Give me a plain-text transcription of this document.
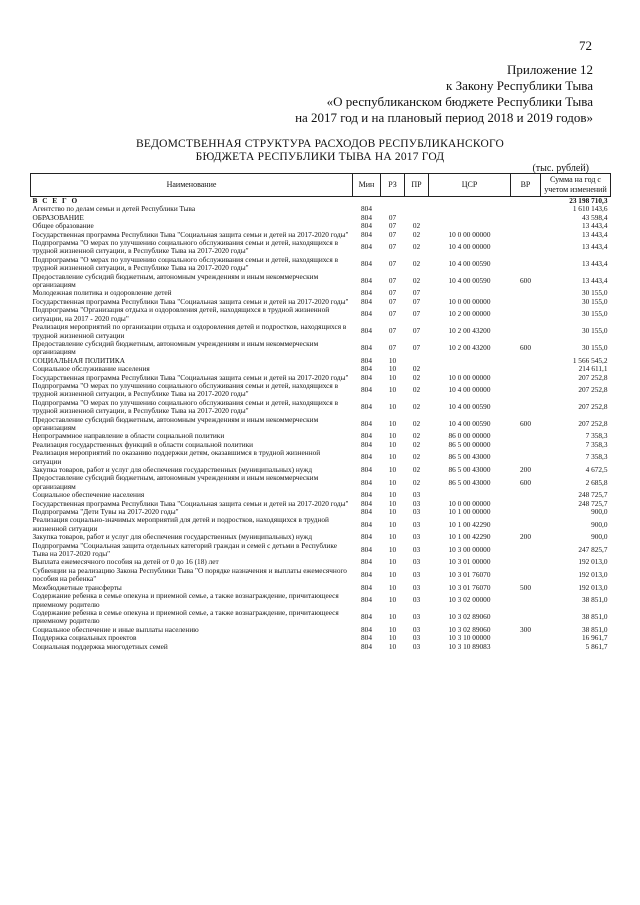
72
Приложение 12
к Закону Республики Тыва
«О республиканском бюджете Республики Тыва
на 2017 год и на плановый период 2018 и 2019 годов»
ВЕДОМСТВЕННАЯ СТРУКТУРА РАСХОДОВ РЕСПУБЛИКАНСКОГО
БЮДЖЕТА РЕСПУБЛИКИ ТЫВА НА 2017 ГОД
(тыс. рублей)
Наименование	Мин	РЗ	ПР	ЦСР	ВР	Сумма на год с учетом изменений
В С Е Г О						23 198 710,3
Агентство по делам семьи и детей Республики Тыва	804					1 610 143,6
ОБРАЗОВАНИЕ	804	07				43 598,4
Общее образование	804	07	02			13 443,4
Государственная программа Республики Тыва "Социальная защита семьи и детей на 2017-2020 годы"	804	07	02	10 0 00 00000		13 443,4
Подпрограмма "О мерах по улучшению социального обслуживания семьи и детей, находящихся в трудной жизненной ситуации, в Республике Тыва на 2017-2020 годы"	804	07	02	10 4 00 00000		13 443,4
Подпрограмма "О мерах по улучшению социального обслуживания семьи и детей, находящихся в трудной жизненной ситуации, в Республике Тыва на 2017-2020 годы"	804	07	02	10 4 00 00590		13 443,4
Предоставление субсидий бюджетным, автономным учреждениям и иным некоммерческим организациям	804	07	02	10 4 00 00590	600	13 443,4
Молодежная политика и оздоровление детей	804	07	07			30 155,0
Государственная программа Республики Тыва "Социальная защита семьи и детей на 2017-2020 годы"	804	07	07	10 0 00 00000		30 155,0
Подпрограмма "Организация отдыха и оздоровления детей, находящихся в трудной жизненной ситуации, на 2017 - 2020 годы"	804	07	07	10 2 00 00000		30 155,0
Реализация мероприятий по организации отдыха и оздоровления детей и подростков, находящихся в трудной жизненной ситуации	804	07	07	10 2 00 43200		30 155,0
Предоставление субсидий бюджетным, автономным учреждениям и иным некоммерческим организациям	804	07	07	10 2 00 43200	600	30 155,0
СОЦИАЛЬНАЯ ПОЛИТИКА	804	10				1 566 545,2
Социальное обслуживание населения	804	10	02			214 611,1
Государственная программа Республики Тыва "Социальная защита семьи и детей на 2017-2020 годы"	804	10	02	10 0 00 00000		207 252,8
Подпрограмма "О мерах по улучшению социального обслуживания семьи и детей, находящихся в трудной жизненной ситуации, в Республике Тыва на 2017-2020 годы"	804	10	02	10 4 00 00000		207 252,8
Подпрограмма "О мерах по улучшению социального обслуживания семьи и детей, находящихся в трудной жизненной ситуации, в Республике Тыва на 2017-2020 годы"	804	10	02	10 4 00 00590		207 252,8
Предоставление субсидий бюджетным, автономным учреждениям и иным некоммерческим организациям	804	10	02	10 4 00 00590	600	207 252,8
Непрограммное направление в области социальной политики	804	10	02	86 0 00 00000		7 358,3
Реализация государственных функций в области социальной политики	804	10	02	86 5 00 00000		7 358,3
Реализация мероприятий по оказанию поддержки детям, оказавшимся в трудной жизненной ситуации	804	10	02	86 5 00 43000		7 358,3
Закупка товаров, работ и услуг для обеспечения государственных (муниципальных) нужд	804	10	02	86 5 00 43000	200	4 672,5
Предоставление субсидий бюджетным, автономным учреждениям и иным некоммерческим организациям	804	10	02	86 5 00 43000	600	2 685,8
Социальное обеспечение населения	804	10	03			248 725,7
Государственная программа Республики Тыва "Социальная защита семьи и детей на 2017-2020 годы"	804	10	03	10 0 00 00000		248 725,7
Подпрограмма "Дети Тувы на 2017-2020 годы"	804	10	03	10 1 00 00000		900,0
Реализация социально-значимых мероприятий для детей и подростков, находящихся в трудной жизненной ситуации	804	10	03	10 1 00 42290		900,0
Закупка товаров, работ и услуг для обеспечения государственных (муниципальных) нужд	804	10	03	10 1 00 42290	200	900,0
Подпрограмма "Социальная защита отдельных категорий граждан и семей с детьми в Республике Тыва на 2017-2020 годы"	804	10	03	10 3 00 00000		247 825,7
Выплата ежемесячного пособия на детей от 0 до 16 (18) лет	804	10	03	10 3 01 00000		192 013,0
Субвенции на реализацию Закона Республики Тыва "О порядке назначения и выплаты ежемесячного пособия на ребенка"	804	10	03	10 3 01 76070		192 013,0
Межбюджетные трансферты	804	10	03	10 3 01 76070	500	192 013,0
Содержание ребенка в семье опекуна и приемной семье, а также вознаграждение, причитающееся приемному родителю	804	10	03	10 3 02 00000		38 851,0
Содержание ребенка в семье опекуна и приемной семье, а также вознаграждение, причитающееся приемному родителю	804	10	03	10 3 02 89060		38 851,0
Социальное обеспечение и иные выплаты населению	804	10	03	10 3 02 89060	300	38 851,0
Поддержка социальных проектов	804	10	03	10 3 10 00000		16 961,7
Социальная поддержка многодетных семей	804	10	03	10 3 10 89083		5 861,7
